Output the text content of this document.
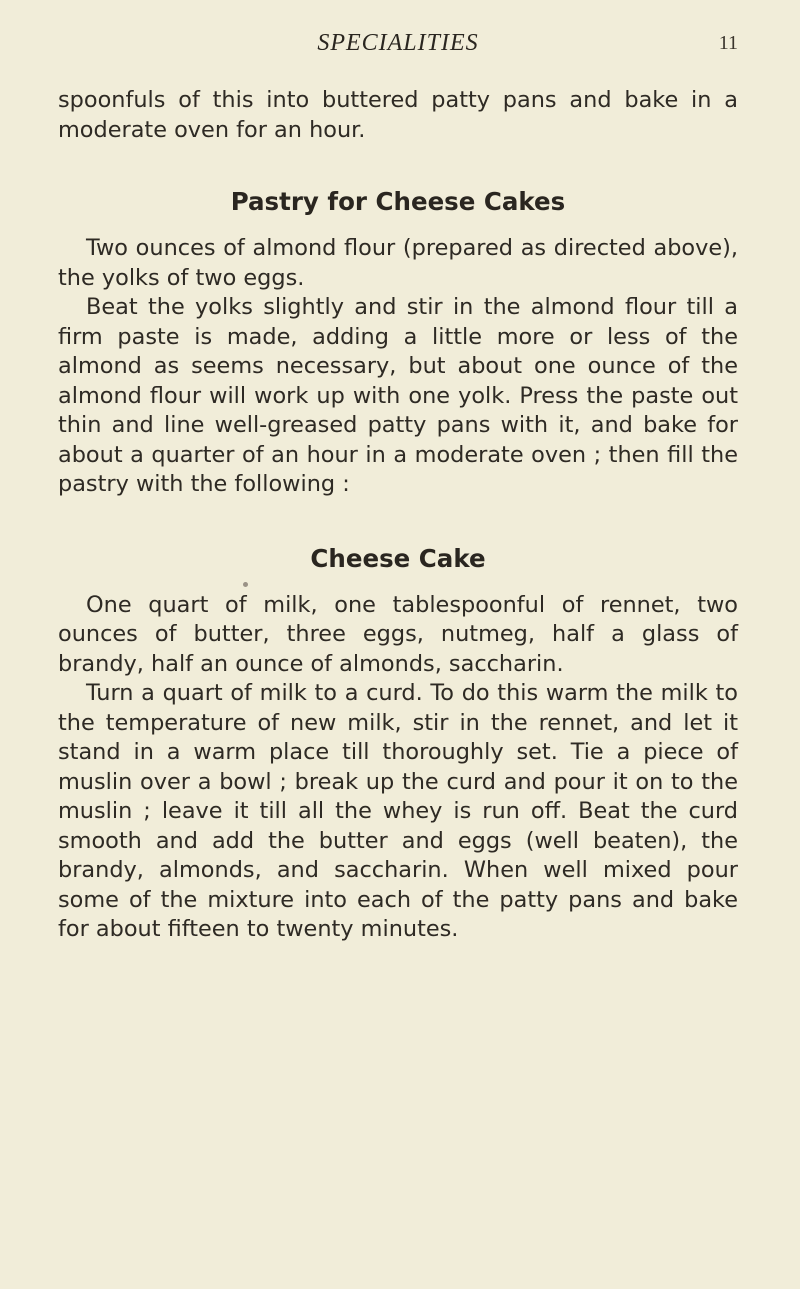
SPECIALITIES	11

spoonfuls of this into buttered patty pans and bake in a moderate oven for an hour.

Pastry for Cheese Cakes

Two ounces of almond flour (prepared as directed above), the yolks of two eggs.

Beat the yolks slightly and stir in the almond flour till a firm paste is made, adding a little more or less of the almond as seems necessary, but about one ounce of the almond flour will work up with one yolk. Press the paste out thin and line well-greased patty pans with it, and bake for about a quarter of an hour in a moderate oven ; then fill the pastry with the following :

Cheese Cake

One quart of milk, one tablespoonful of rennet, two ounces of butter, three eggs, nutmeg, half a glass of brandy, half an ounce of almonds, saccharin.

Turn a quart of milk to a curd. To do this warm the milk to the temperature of new milk, stir in the rennet, and let it stand in a warm place till thoroughly set. Tie a piece of muslin over a bowl ; break up the curd and pour it on to the muslin ; leave it till all the whey is run off. Beat the curd smooth and add the butter and eggs (well beaten), the brandy, almonds, and saccharin. When well mixed pour some of the mixture into each of the patty pans and bake for about fifteen to twenty minutes.
